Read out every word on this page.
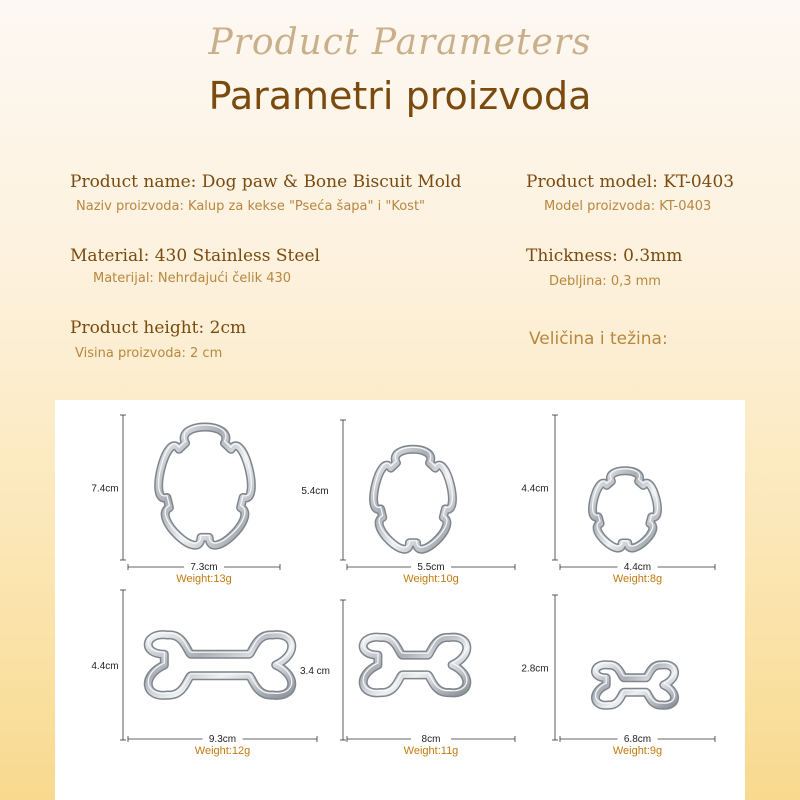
Product Parameters
Parametri proizvoda
Product name: Dog paw & Bone Biscuit Mold
Naziv proizvoda: Kalup za kekse "Pseća šapa" i "Kost"
Product model: KT-0403
Model proizvoda: KT-0403
Material: 430 Stainless Steel
Materijal: Nehrđajući čelik 430
Thickness: 0.3mm
Debljina: 0,3 mm
Product height: 2cm
Visina proizvoda: 2 cm
Veličina i težina:
7.4cm
7.3cm
Weight:13g
5.4cm
5.5cm
Weight:10g
4.4cm
4.4cm
Weight:8g
4.4cm
9.3cm
Weight:12g
3.4 cm
8cm
Weight:11g
2.8cm
6.8cm
Weight:9g
